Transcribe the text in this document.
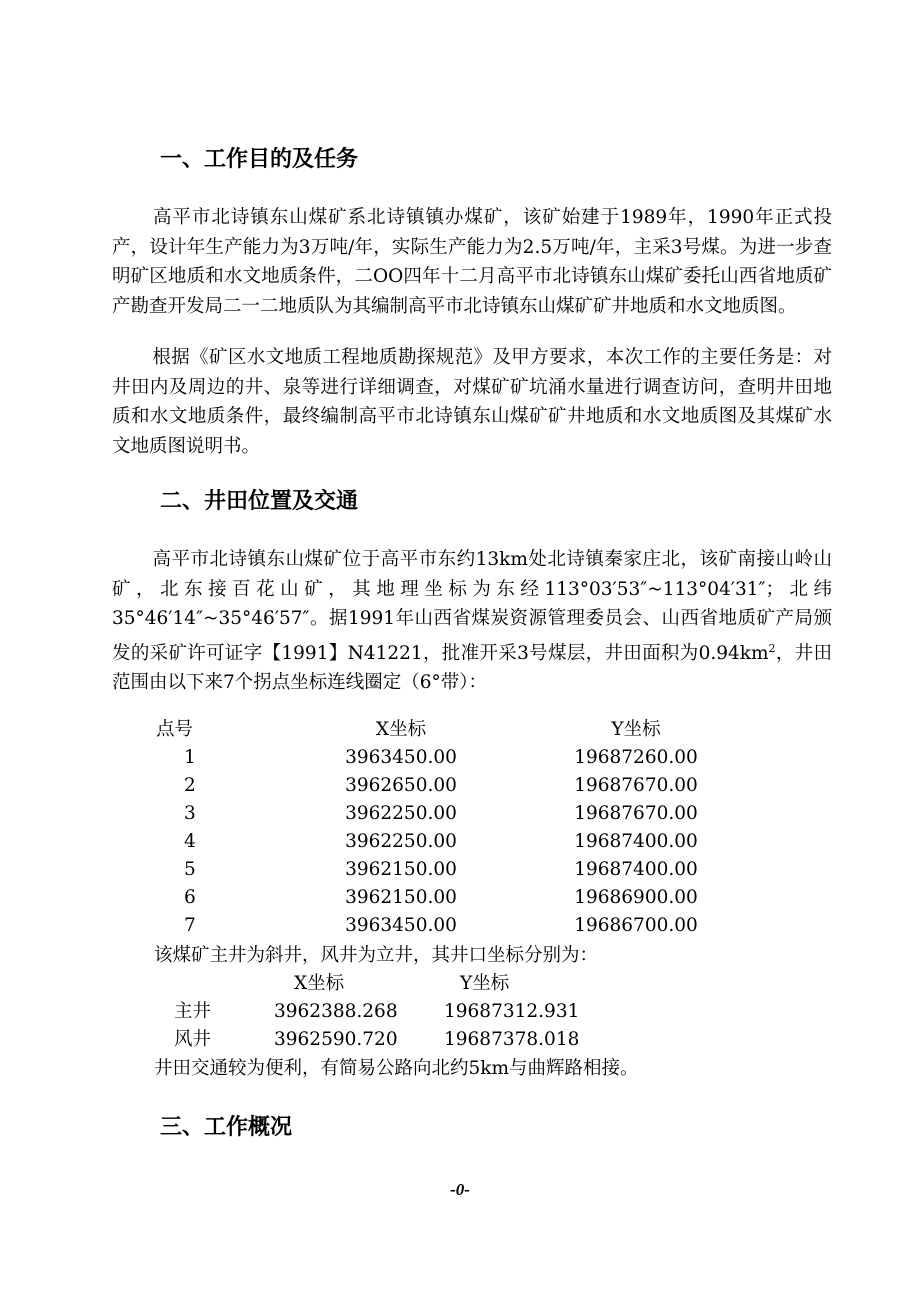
一、工作目的及任务

高平市北诗镇东山煤矿系北诗镇镇办煤矿，该矿始建于1989年，1990年正式投产，设计年生产能力为3万吨/年，实际生产能力为2.5万吨/年，主采3号煤。为进一步查明矿区地质和水文地质条件，二OO四年十二月高平市北诗镇东山煤矿委托山西省地质矿产勘查开发局二一二地质队为其编制高平市北诗镇东山煤矿矿井地质和水文地质图。

根据《矿区水文地质工程地质勘探规范》及甲方要求，本次工作的主要任务是：对井田内及周边的井、泉等进行详细调查，对煤矿矿坑涌水量进行调查访问，查明井田地质和水文地质条件，最终编制高平市北诗镇东山煤矿矿井地质和水文地质图及其煤矿水文地质图说明书。

二、井田位置及交通

高平市北诗镇东山煤矿位于高平市东约13km处北诗镇秦家庄北，该矿南接山岭山矿，北东接百花山矿，其地理坐标为东经113°03′53″~113°04′31″；北纬35°46′14″~35°46′57″。据1991年山西省煤炭资源管理委员会、山西省地质矿产局颁发的采矿许可证字【1991】N41221，批准开采3号煤层，井田面积为$0.94km^2$，井田范围由以下来7个拐点坐标连线圈定（6°带）：

点号	X坐标	Y坐标
1	3963450.00	19687260.00
2	3962650.00	19687670.00
3	3962250.00	19687670.00
4	3962250.00	19687400.00
5	3962150.00	19687400.00
6	3962150.00	19686900.00
7	3963450.00	19686700.00
该煤矿主井为斜井，风井为立井，其井口坐标分别为：
	X坐标	Y坐标
主井	3962388.268	19687312.931
风井	3962590.720	19687378.018
井田交通较为便利，有简易公路向北约5km与曲辉路相接。
三、工作概况
-0-
